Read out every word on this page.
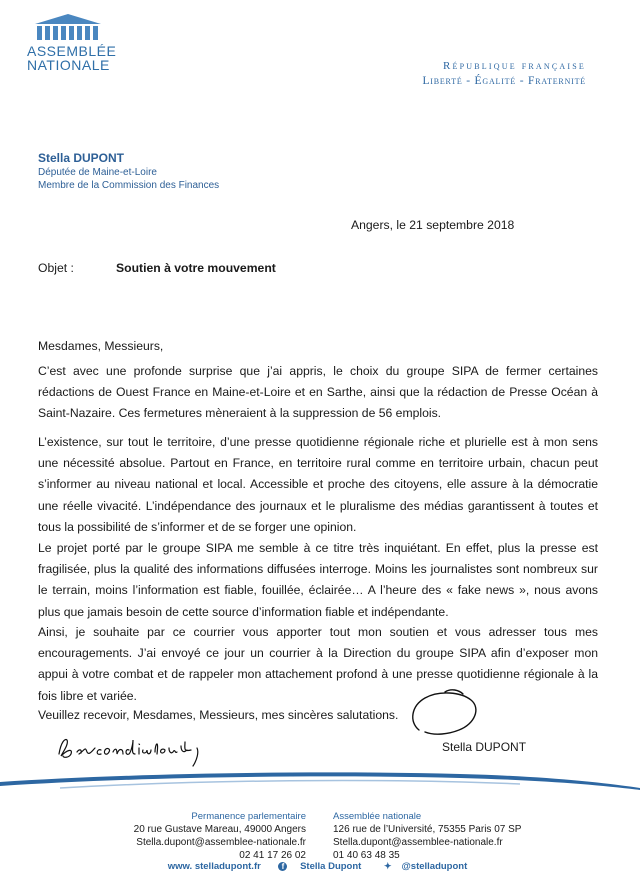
ASSEMBLÉE
NATIONALE	République française
Liberté - Égalité - Fraternité
Stella DUPONT
Députée de Maine-et-Loire
Membre de la Commission des Finances
Angers, le 21 septembre 2018
Objet :	Soutien à votre mouvement
Mesdames, Messieurs,

C’est avec une profonde surprise que j’ai appris, le choix du groupe SIPA de fermer certaines rédactions de Ouest France en Maine-et-Loire et en Sarthe, ainsi que la rédaction de Presse Océan à Saint-Nazaire. Ces fermetures mèneraient à la suppression de 56 emplois.

L’existence, sur tout le territoire, d’une presse quotidienne régionale riche et plurielle est à mon sens une nécessité absolue. Partout en France, en territoire rural comme en territoire urbain, chacun peut s’informer au niveau national et local. Accessible et proche des citoyens, elle assure à la démocratie une réelle vivacité. L’indépendance des journaux et le pluralisme des médias garantissent à toutes et tous la possibilité de s’informer et de se forger une opinion.

Le projet porté par le groupe SIPA me semble à ce titre très inquiétant. En effet, plus la presse est fragilisée, plus la qualité des informations diffusées interroge. Moins les journalistes sont nombreux sur le terrain, moins l’information est fiable, fouillée, éclairée… A l’heure des « fake news », nous avons plus que jamais besoin de cette source d’information fiable et indépendante.

Ainsi, je souhaite par ce courrier vous apporter tout mon soutien et vous adresser tous mes encouragements. J’ai envoyé ce jour un courrier à la Direction du groupe SIPA afin d’exposer mon appui à votre combat et de rappeler mon attachement profond à une presse quotidienne régionale à la fois libre et variée.

Veuillez recevoir, Mesdames, Messieurs, mes sincères salutations.

Stella DUPONT
Permanence parlementaire
20 rue Gustave Mareau, 49000 Angers
Stella.dupont@assemblee-nationale.fr
02 41 17 26 02
Assemblée nationale
126 rue de l’Université, 75355 Paris 07 SP
Stella.dupont@assemblee-nationale.fr
01 40 63 48 35
www. stelladupont.fr	f Stella Dupont	✦ @stelladupont
